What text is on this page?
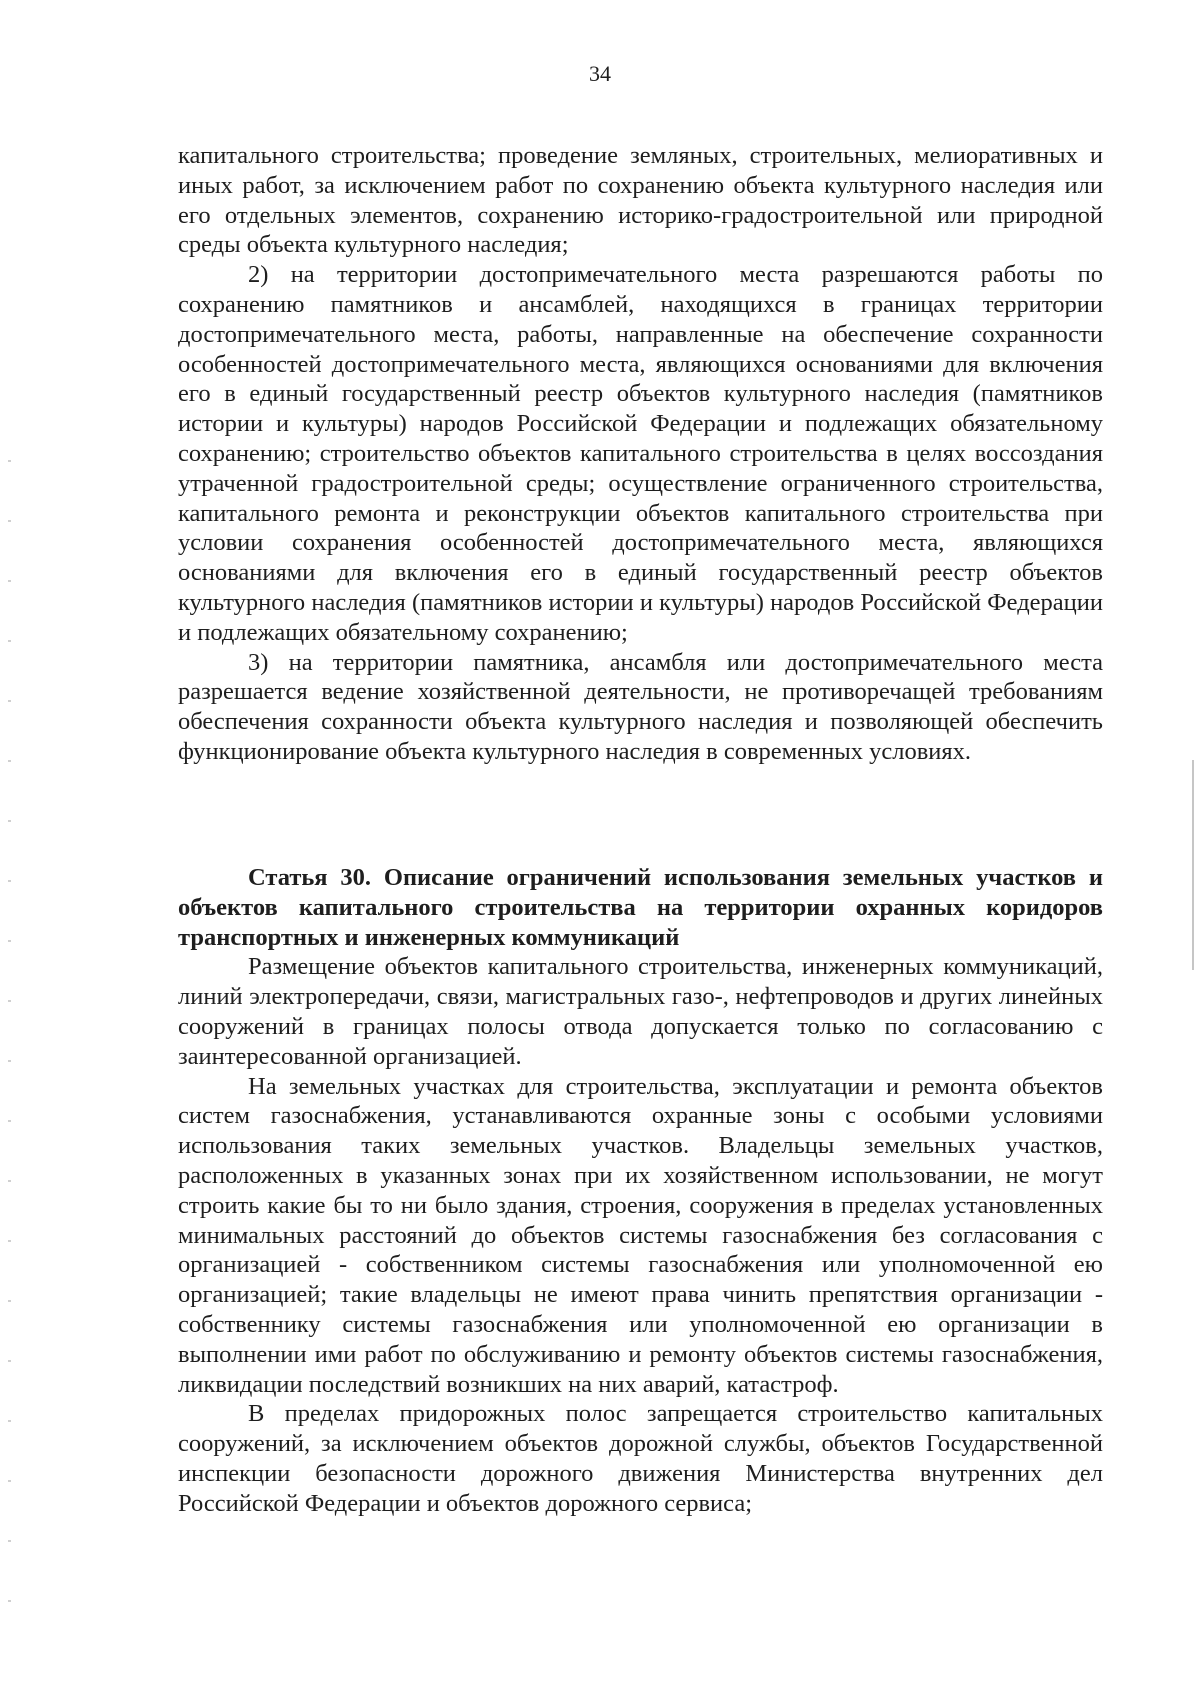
34

капитального строительства; проведение земляных, строительных, мелиоративных и иных работ, за исключением работ по сохранению объекта культурного наследия или его отдельных элементов, сохранению историко-градостроительной или природной среды объекта культурного наследия;

2) на территории достопримечательного места разрешаются работы по сохранению памятников и ансамблей, находящихся в границах территории достопримечательного места, работы, направленные на обеспечение сохранности особенностей достопримечательного места, являющихся основаниями для включения его в единый государственный реестр объектов культурного наследия (памятников истории и культуры) народов Российской Федерации и подлежащих обязательному сохранению; строительство объектов капитального строительства в целях воссоздания утраченной градостроительной среды; осуществление ограниченного строительства, капитального ремонта и реконструкции объектов капитального строительства при условии сохранения особенностей достопримечательного места, являющихся основаниями для включения его в единый государственный реестр объектов культурного наследия (памятников истории и культуры) народов Российской Федерации и подлежащих обязательному сохранению;

3) на территории памятника, ансамбля или достопримечательного места разрешается ведение хозяйственной деятельности, не противоречащей требованиям обеспечения сохранности объекта культурного наследия и позволяющей обеспечить функционирование объекта культурного наследия в современных условиях.

Статья 30. Описание ограничений использования земельных участков и объектов капитального строительства на территории охранных коридоров транспортных и инженерных коммуникаций

Размещение объектов капитального строительства, инженерных коммуникаций, линий электропередачи, связи, магистральных газо-, нефтепроводов и других линейных сооружений в границах полосы отвода допускается только по согласованию с заинтересованной организацией.

На земельных участках для строительства, эксплуатации и ремонта объектов систем газоснабжения, устанавливаются охранные зоны с особыми условиями использования таких земельных участков. Владельцы земельных участков, расположенных в указанных зонах при их хозяйственном использовании, не могут строить какие бы то ни было здания, строения, сооружения в пределах установленных минимальных расстояний до объектов системы газоснабжения без согласования с организацией - собственником системы газоснабжения или уполномоченной ею организацией; такие владельцы не имеют права чинить препятствия организации - собственнику системы газоснабжения или уполномоченной ею организации в выполнении ими работ по обслуживанию и ремонту объектов системы газоснабжения, ликвидации последствий возникших на них аварий, катастроф.

В пределах придорожных полос запрещается строительство капитальных сооружений, за исключением объектов дорожной службы, объектов Государственной инспекции безопасности дорожного движения Министерства внутренних дел Российской Федерации и объектов дорожного сервиса;
